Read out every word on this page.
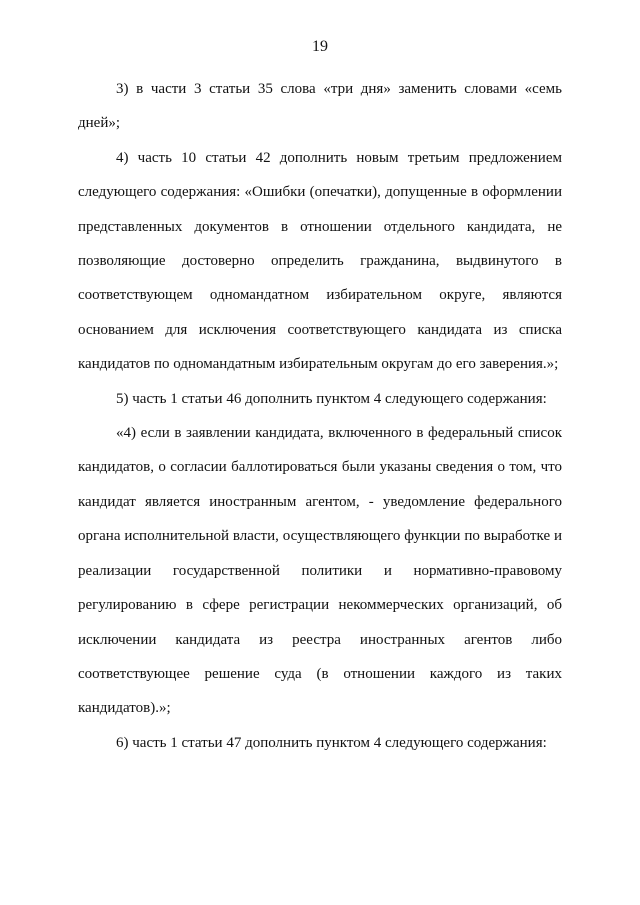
19

3) в части 3 статьи 35 слова «три дня» заменить словами «семь дней»;

4) часть 10 статьи 42 дополнить новым третьим предложением следующего содержания: «Ошибки (опечатки), допущенные в оформлении представленных документов в отношении отдельного кандидата, не позволяющие достоверно определить гражданина, выдвинутого в соответствующем одномандатном избирательном округе, являются основанием для исключения соответствующего кандидата из списка кандидатов по одномандатным избирательным округам до его заверения.»;

5) часть 1 статьи 46 дополнить пунктом 4 следующего содержания:

«4) если в заявлении кандидата, включенного в федеральный список кандидатов, о согласии баллотироваться были указаны сведения о том, что кандидат является иностранным агентом, - уведомление федерального органа исполнительной власти, осуществляющего функции по выработке и реализации государственной политики и нормативно-правовому регулированию в сфере регистрации некоммерческих организаций, об исключении кандидата из реестра иностранных агентов либо соответствующее решение суда (в отношении каждого из таких кандидатов).»;

6) часть 1 статьи 47 дополнить пунктом 4 следующего содержания:
